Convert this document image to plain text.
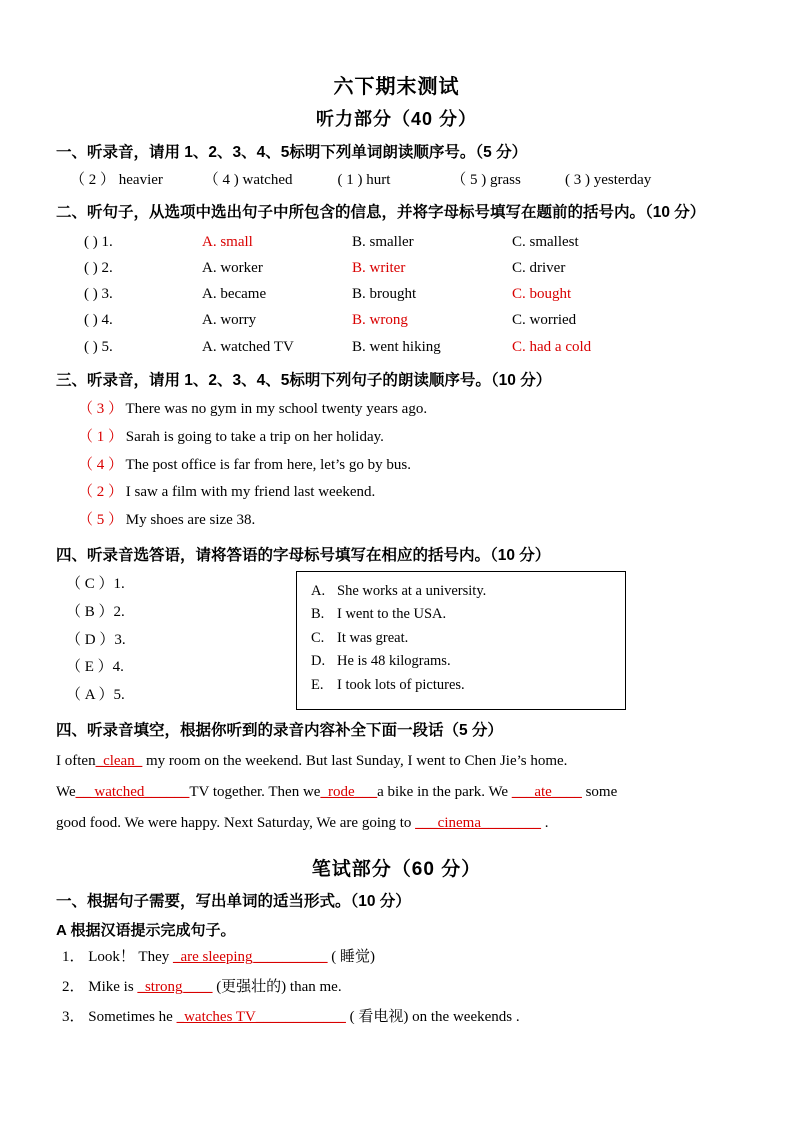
六下期末测试
听力部分（40 分）
一、听录音，请用 1、2、3、4、5标明下列单词朗读顺序号。（5 分）
（ 2 ） heavier	（ 4 ) watched	( 1 ) hurt	（ 5 ) grass	( 3 ) yesterday
二、听句子，从选项中选出句子中所包含的信息，并将字母标号填写在题前的括号内。（10 分）
( ) 1.	A. small	B. smaller	C. smallest
( ) 2.	A. worker	B. writer	C. driver
( ) 3.	A. became	B. brought	C. bought
( ) 4.	A. worry	B. wrong	C. worried
( ) 5.	A. watched TV	B. went hiking	C. had a cold
三、听录音，请用 1、2、3、4、5标明下列句子的朗读顺序号。（10 分）
（ 3 ） There was no gym in my school twenty years ago.
（ 1 ） Sarah is going to take a trip on her holiday.
（ 4 ） The post office is far from here, let’s go by bus.
（ 2 ） I saw a film with my friend last weekend.
（ 5 ） My shoes are size 38.
四、听录音选答语，请将答语的字母标号填写在相应的括号内。（10 分）
（ C ）1.
（ B ）2.
（ D ）3.
（ E ）4.
（ A ）5.
A. She works at a university.
B. I went to the USA.
C. It was great.
D. He is 48 kilograms.
E. I took lots of pictures.
四、听录音填空，根据你听到的录音内容补全下面一段话（5 分）
I often_clean_ my room on the weekend. But last Sunday, I went to Chen Jie’s home.
We__ watched______TV together. Then we_rode___a bike in the park. We ___ate____ some
good food. We were happy. Next Saturday, We are going to ___cinema________ .
笔试部分（60 分）
一、根据句子需要，写出单词的适当形式。（10 分）
A 根据汉语提示完成句子。
1． Look！ They _are sleeping__________ ( 睡觉)
2． Mike is _strong____ (更强壮的) than me.
3． Sometimes he _watches TV____________ ( 看电视) on the weekends .
